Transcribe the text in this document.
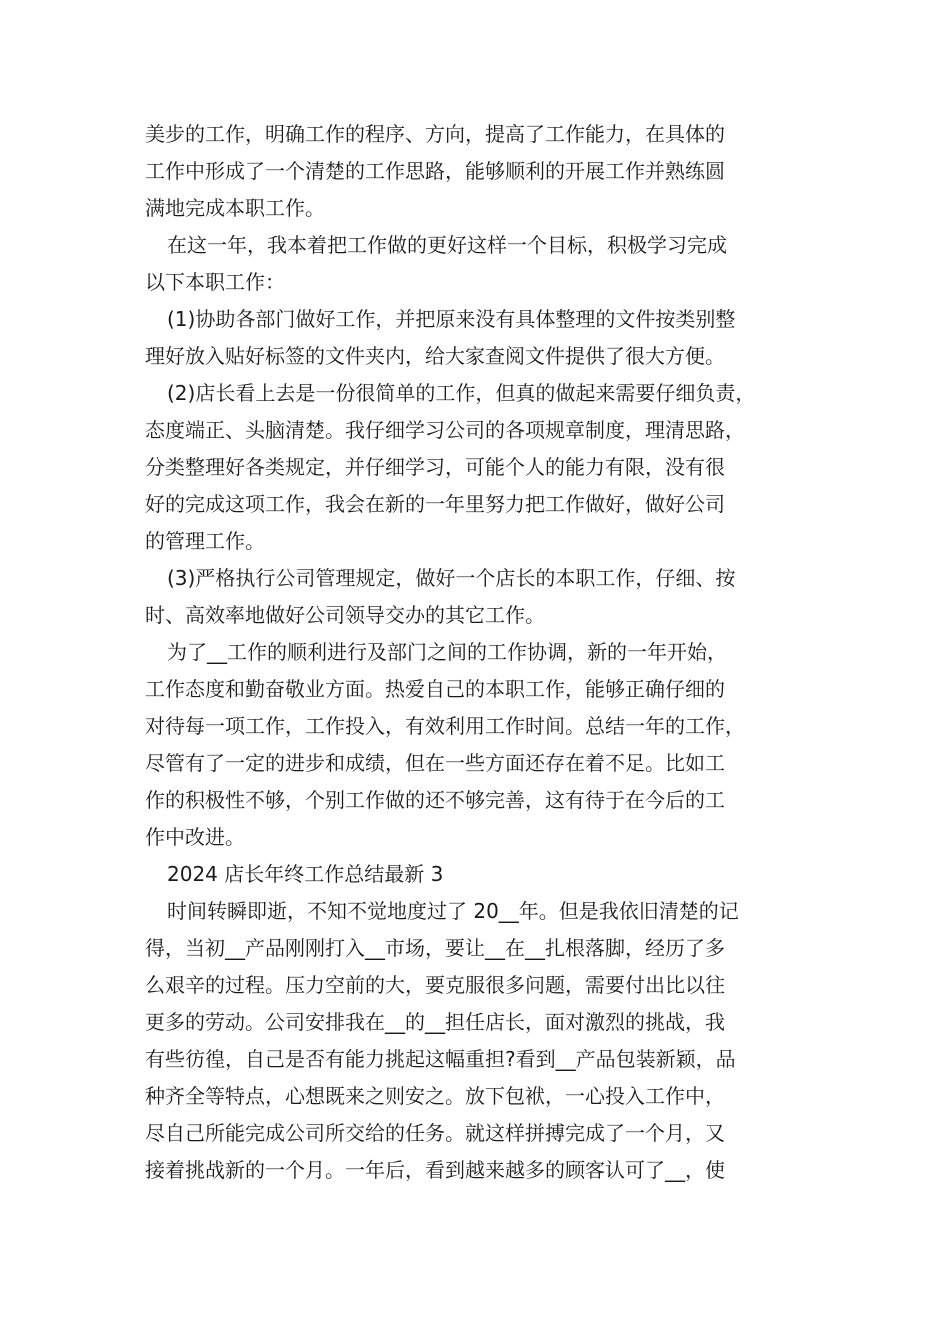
美步的工作，明确工作的程序、方向，提高了工作能力，在具体的
工作中形成了一个清楚的工作思路，能够顺利的开展工作并熟练圆
满地完成本职工作。
在这一年，我本着把工作做的更好这样一个目标，积极学习完成
以下本职工作：
(1)协助各部门做好工作，并把原来没有具体整理的文件按类别整
理好放入贴好标签的文件夹内，给大家查阅文件提供了很大方便。
(2)店长看上去是一份很简单的工作，但真的做起来需要仔细负责，
态度端正、头脑清楚。我仔细学习公司的各项规章制度，理清思路，
分类整理好各类规定，并仔细学习，可能个人的能力有限，没有很
好的完成这项工作，我会在新的一年里努力把工作做好，做好公司
的管理工作。
(3)严格执行公司管理规定，做好一个店长的本职工作，仔细、按
时、高效率地做好公司领导交办的其它工作。
为了__工作的顺利进行及部门之间的工作协调，新的一年开始，
工作态度和勤奋敬业方面。热爱自己的本职工作，能够正确仔细的
对待每一项工作，工作投入，有效利用工作时间。总结一年的工作，
尽管有了一定的进步和成绩，但在一些方面还存在着不足。比如工
作的积极性不够，个别工作做的还不够完善，这有待于在今后的工
作中改进。
2024 店长年终工作总结最新 3
时间转瞬即逝，不知不觉地度过了 20__年。但是我依旧清楚的记
得，当初__产品刚刚打入__市场，要让__在__扎根落脚，经历了多
么艰辛的过程。压力空前的大，要克服很多问题，需要付出比以往
更多的劳动。公司安排我在__的__担任店长，面对激烈的挑战，我
有些彷徨，自己是否有能力挑起这幅重担?看到__产品包装新颖，品
种齐全等特点，心想既来之则安之。放下包袱，一心投入工作中，
尽自己所能完成公司所交给的任务。就这样拼搏完成了一个月，又
接着挑战新的一个月。一年后，看到越来越多的顾客认可了__，使
